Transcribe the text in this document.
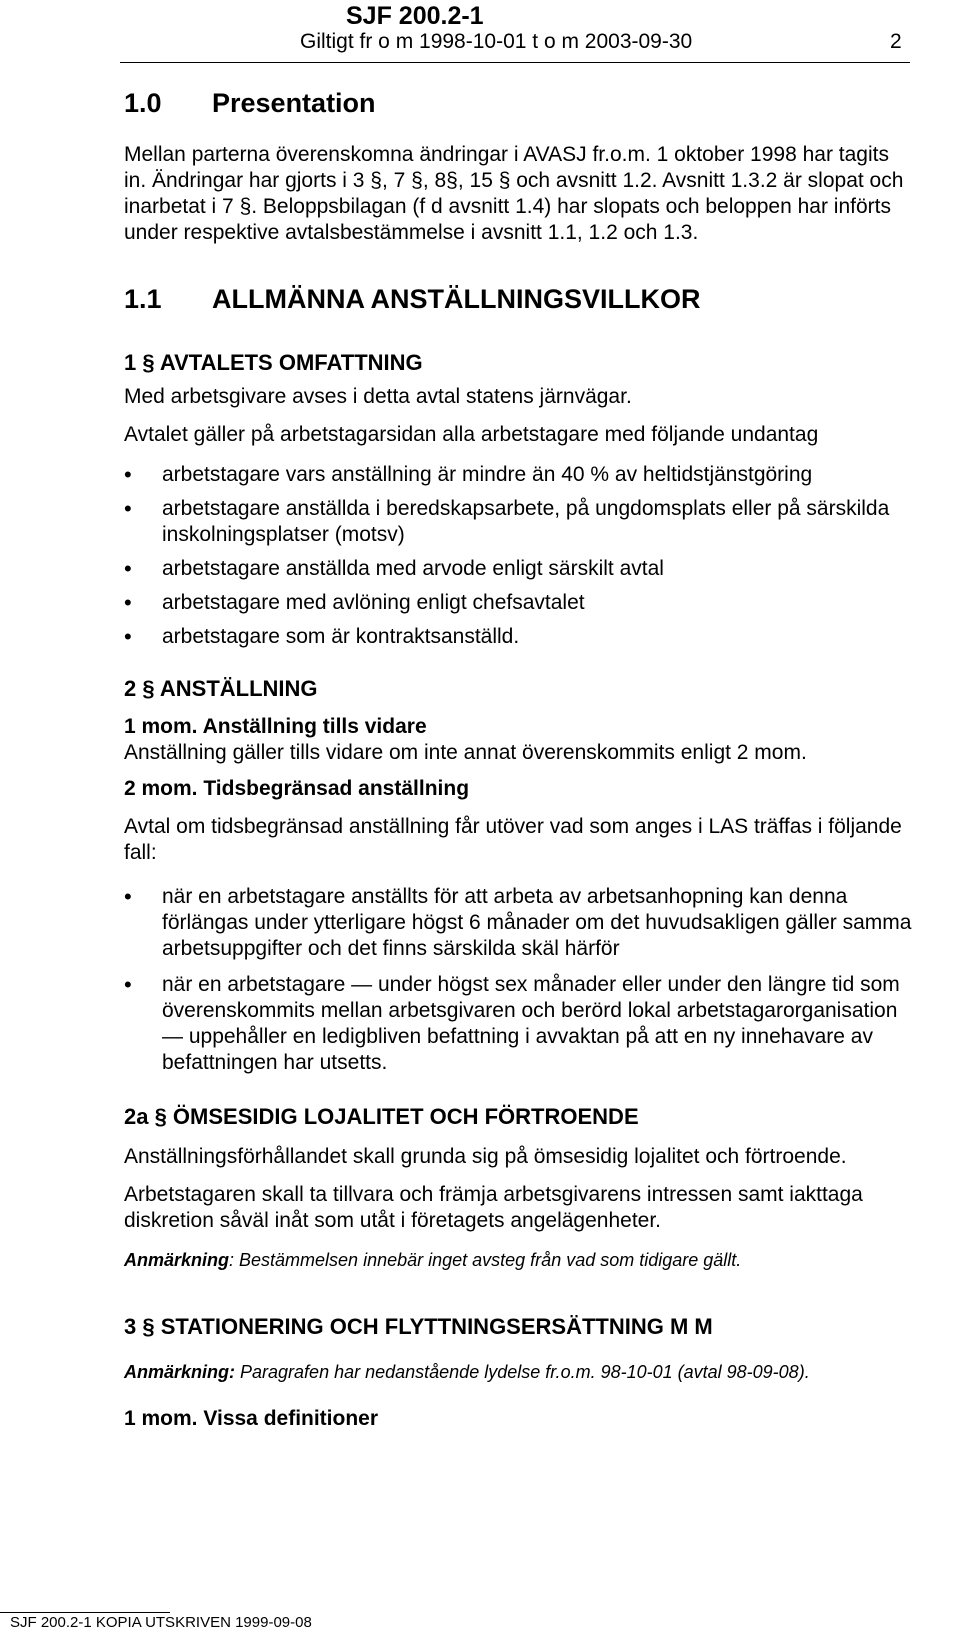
SJF 200.2-1
Giltigt fr o m 1998-10-01 t o m 2003-09-30	2
1.0 Presentation

Mellan parterna överenskomna ändringar i AVASJ fr.o.m. 1 oktober 1998 har tagits in. Ändringar har gjorts i 3 §, 7 §, 8§, 15 § och avsnitt 1.2. Avsnitt 1.3.2 är slopat och inarbetat i 7 §. Beloppsbilagan (f d avsnitt 1.4) har slopats och beloppen har införts under respektive avtalsbestämmelse i avsnitt 1.1, 1.2 och 1.3.

1.1 ALLMÄNNA ANSTÄLLNINGSVILLKOR
1 § AVTALETS OMFATTNING

Med arbetsgivare avses i detta avtal statens järnvägar.

Avtalet gäller på arbetstagarsidan alla arbetstagare med följande undantag

• arbetstagare vars anställning är mindre än 40 % av heltidstjänstgöring
• arbetstagare anställda i beredskapsarbete, på ungdomsplats eller på särskilda inskolningsplatser (motsv)
• arbetstagare anställda med arvode enligt särskilt avtal
• arbetstagare med avlöning enligt chefsavtalet
• arbetstagare som är kontraktsanställd.
2 § ANSTÄLLNING
1 mom. Anställning tills vidare

Anställning gäller tills vidare om inte annat överenskommits enligt 2 mom.

2 mom. Tidsbegränsad anställning

Avtal om tidsbegränsad anställning får utöver vad som anges i LAS träffas i följande fall:

• när en arbetstagare anställts för att arbeta av arbetsanhopning kan denna förlängas under ytterligare högst 6 månader om det huvudsakligen gäller samma arbetsuppgifter och det finns särskilda skäl härför
• när en arbetstagare — under högst sex månader eller under den längre tid som överenskommits mellan arbetsgivaren och berörd lokal arbetstagarorganisation — uppehåller en ledigbliven befattning i avvaktan på att en ny innehavare av befattningen har utsetts.
2a § ÖMSESIDIG LOJALITET OCH FÖRTROENDE

Anställningsförhållandet skall grunda sig på ömsesidig lojalitet och förtroende.

Arbetstagaren skall ta tillvara och främja arbetsgivarens intressen samt iakttaga diskretion såväl inåt som utåt i företagets angelägenheter.

Anmärkning: Bestämmelsen innebär inget avsteg från vad som tidigare gällt.

3 § STATIONERING OCH FLYTTNINGSERSÄTTNING M M

Anmärkning: Paragrafen har nedanstående lydelse fr.o.m. 98-10-01 (avtal 98-09-08).

1 mom. Vissa definitioner
SJF 200.2-1 KOPIA UTSKRIVEN 1999-09-08
